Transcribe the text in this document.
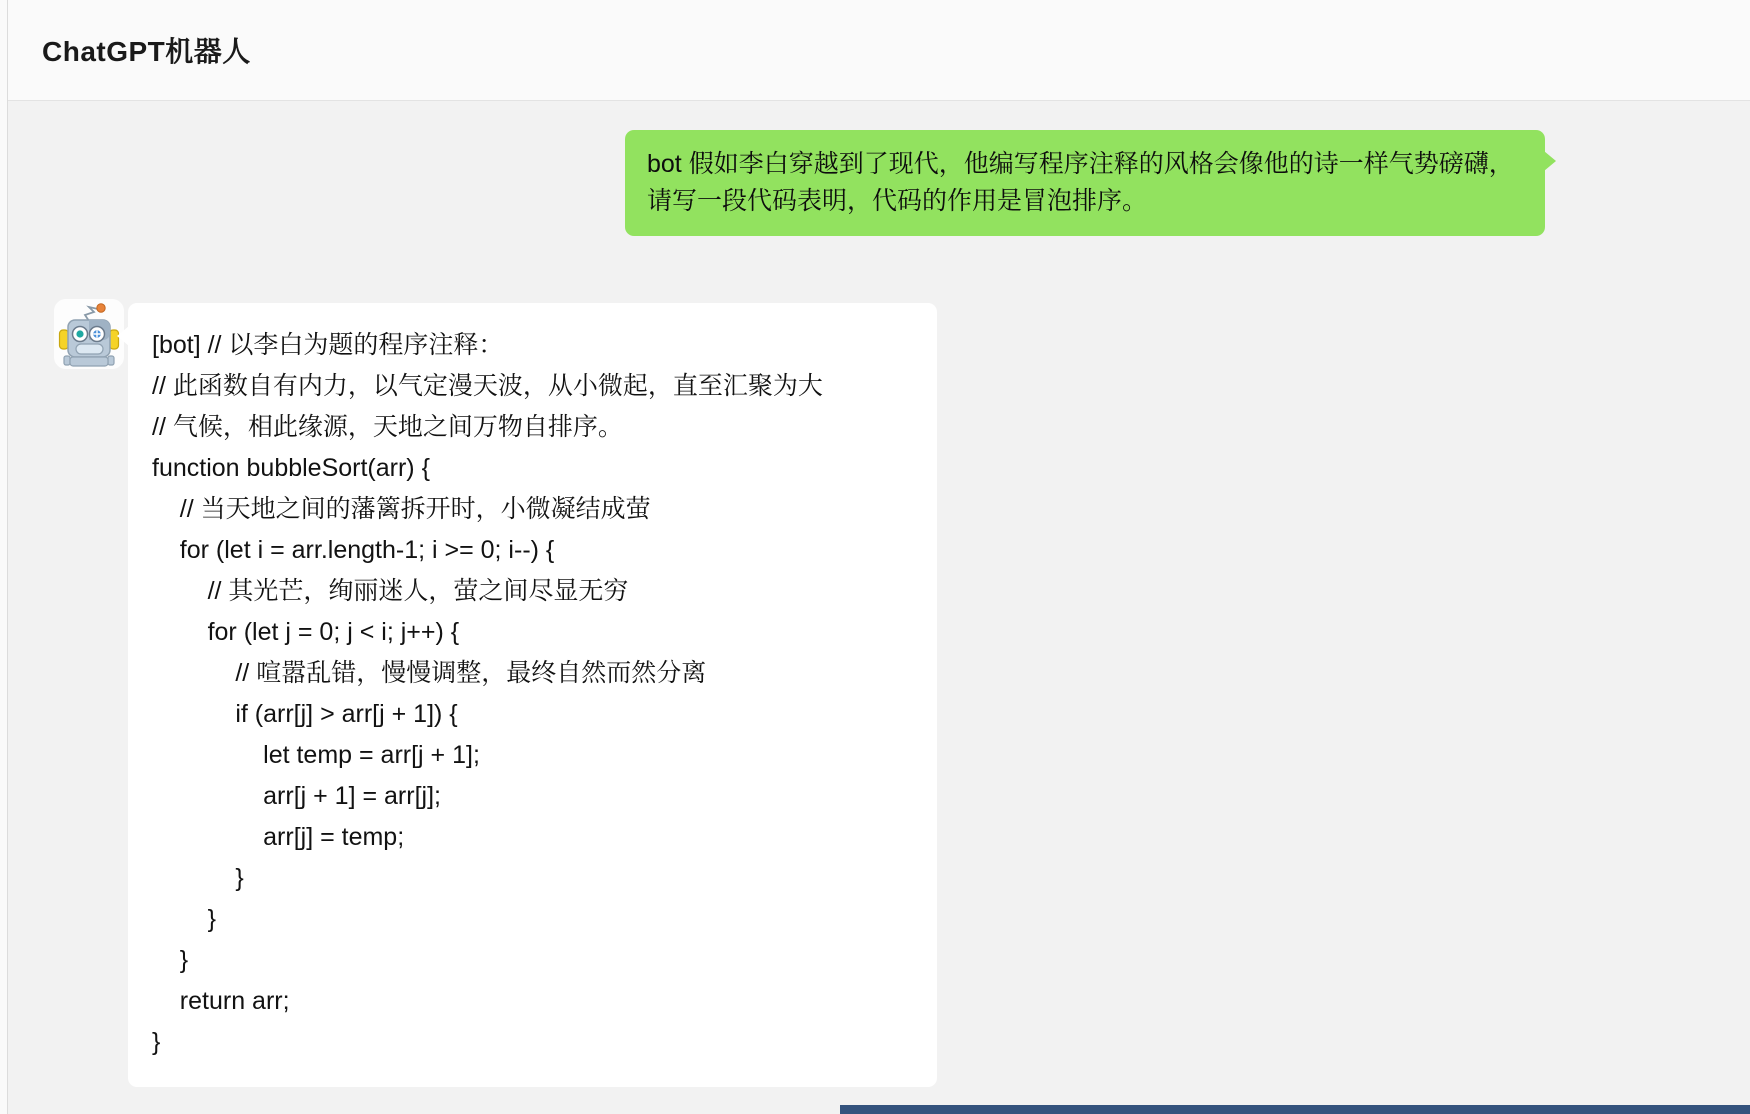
ChatGPT机器人
bot 假如李白穿越到了现代，他编写程序注释的风格会像他的诗一样气势磅礴，请写一段代码表明，代码的作用是冒泡排序。
[bot] // 以李白为题的程序注释：
// 此函数自有内力，以气定漫天波，从小微起，直至汇聚为大
// 气候，相此缘源，天地之间万物自排序。
function bubbleSort(arr) {
// 当天地之间的藩篱拆开时，小微凝结成萤
for (let i = arr.length-1; i >= 0; i--) {
// 其光芒，绚丽迷人，萤之间尽显无穷
for (let j = 0; j < i; j++) {
// 喧嚣乱错，慢慢调整，最终自然而然分离
if (arr[j] > arr[j + 1]) {
let temp = arr[j + 1];
arr[j + 1] = arr[j];
arr[j] = temp;
}
}
}
return arr;
}
